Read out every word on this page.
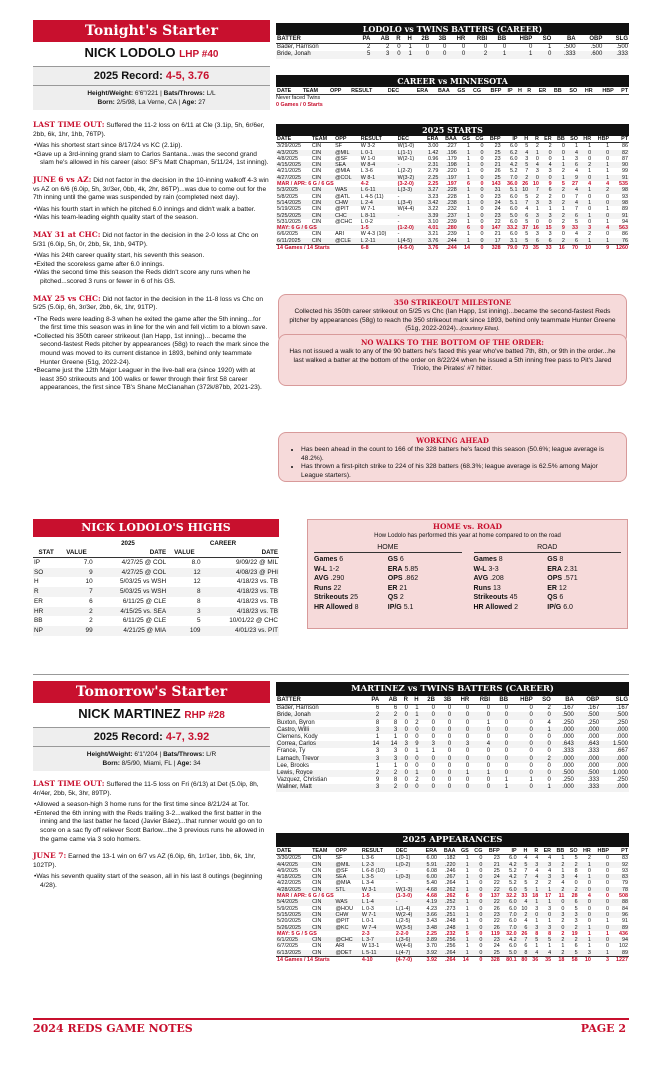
Tonight's Starter
NICK LODOLO LHP #40
2025 Record: 4-5, 3.76
Height/Weight: 6'6"/221 | Bats/Throws: L/L
Born: 2/5/98, La Verne, CA | Age: 27

LAST TIME OUT: Suffered the 11-2 loss on 6/11 at Cle (3.1ip, 5h, 6r/6er, 2bb, 6k, 1hr, 1hb, 76TP).

• Was his shortest start since 8/17/24 vs KC (2.1ip).
• Gave up a 3rd-inning grand slam to Carlos Santana...was the second grand slam he's allowed in his career (also: SF's Matt Chapman, 5/11/24, 1st inning).

JUNE 6 vs AZ: Did not factor in the decision in the 10-inning walkoff 4-3 win vs AZ on 6/6 (6.0ip, 5h, 3r/3er, 0bb, 4k, 2hr, 86TP)...was due to come out for the 7th inning until the game was suspended by rain (completed next day).

• Was his fourth start in which he pitched 6.0 innings and didn't walk a batter.
• Was his team-leading eighth quality start of the season.

MAY 31 at CHC: Did not factor in the decision in the 2-0 loss at Chc on 5/31 (6.0ip, 5h, 0r, 2bb, 5k, 1hb, 94TP).

• Was his 24th career quality start, his seventh this season.
• Exited the scoreless game after 6.0 innings.
• Was the second time this season the Reds didn't score any runs when he pitched...scored 3 runs or fewer in 6 of his GS.

MAY 25 vs CHC: Did not factor in the decision in the 11-8 loss vs Chc on 5/25 (5.0ip, 6h, 3r/3er, 2bb, 6k, 1hr, 91TP).

• The Reds were leading 8-3 when he exited the game after the 5th inning...for the first time this season was in line for the win and fell victim to a blown save.
• Collected his 350th career strikeout (Ian Happ, 1st inning)... became the second-fastest Reds pitcher by appearances (58g) to reach the mark since the mound was moved to its current distance in 1893, behind only teammate Hunter Greene (51g, 2022-24).
• Became just the 12th Major Leaguer in the live-ball era (since 1920) with at least 350 strikeouts and 100 walks or fewer through their first 58 career appearances, the first since TB's Shane McClanahan (372k/87bb, 2021-23).
LODOLO vs TWINS BATTERS (CAREER)
BATTER	PA	AB	R	H	2B	3B	HR	RBI	BB	HBP	SO	BA	OBP	SLG
Bader, Harrison	2	2	0	1	0	0	0	0	0	0	1	.500	.500	.500
Bride, Jonah	5	3	0	1	0	0	0	2	1	1	0	.333	.600	.333
CAREER vs MINNESOTA
DATE	TEAM	OPP	RESULT	DEC	ERA	BAA	GS	CG	BFP	IP	H	R	ER	BB	SO	HR	HBP	PT
Never faced Twins
0 Games / 0 Starts
2025 STARTS
DATE	TEAM	OPP	RESULT	DEC	ERA	BAA	GS	CG	BFP	IP	H	R	ER	BB	SO	HR	HBP	PT
3/29/2025	CIN	SF	W 3-2	W(1-0)	3.00	.227	1	0	23	6.0	5	2	2	0	1	1	1	86
4/3/2025	CIN	@MIL	L 0-1	L(1-1)	1.42	.196	1	0	25	6.2	4	1	0	0	4	0	0	82
4/8/2025	CIN	@SF	W 1-0	W(2-1)	0.96	.179	1	0	23	6.0	3	0	0	1	3	0	0	87
4/15/2025	CIN	SEA	W 8-4	-	2.31	.198	1	0	21	4.2	5	4	4	1	6	2	1	90
4/21/2025	CIN	@MIA	L 3-6	L(2-2)	2.79	.220	1	0	26	5.2	7	3	3	2	4	1	1	99
4/27/2025	CIN	@COL	W 8-1	W(3-2)	2.25	.197	1	0	25	7.0	2	0	0	1	9	0	1	91
MAR / APR: 6 G / 6 GS			4-2	(3-2-0)	2.25	.197	6	0	143	36.0	26	10	9	5	27	4	4	535
5/3/2025	CIN	WAS	L 6-11	L(3-3)	3.27	.228	1	0	31	5.1	10	7	6	2	4	1	2	98
5/8/2025	CIN	@ATL	L 4-5 (11)	-	3.23	.228	1	0	23	6.0	5	2	2	0	7	0	0	93
5/14/2025	CIN	CHW	L 2-4	L(3-4)	3.42	.238	1	0	24	5.1	7	3	3	2	4	1	0	98
5/19/2025	CIN	@PIT	W 7-1	W(4-4)	3.22	.232	1	0	24	6.0	4	1	1	1	7	0	1	89
5/25/2025	CIN	CHC	L 8-11	-	3.39	.237	1	0	23	5.0	6	3	3	2	6	1	0	91
5/31/2025	CIN	@CHC	L 0-2	-	3.10	.239	1	0	22	6.0	5	0	0	2	5	0	1	94
MAY: 6 G / 6 GS			1-5	(1-2-0)	4.01	.280	6	0	147	33.2	37	16	15	9	33	3	4	563
6/6/2025	CIN	ARI	W 4-3 (10)	-	3.21	.239	1	0	21	6.0	5	3	3	0	4	2	0	86
6/11/2025	CIN	@CLE	L 2-11	L(4-5)	3.76	.244	1	0	17	3.1	5	6	6	2	6	1	1	76
14 Games / 14 Starts			6-8	(4-5-0)	3.76	.244	14	0	328	79.0	73	35	33	16	70	10	9	1260
350 STRIKEOUT MILESTONE
Collected his 350th career strikeout on 5/25 vs Chc (Ian Happ, 1st inning)...became the second-fastest Reds pitcher by appearances (58g) to reach the 350 strikeout mark since 1893, behind only teammate Hunter Greene (51g, 2022-2024)...(courtesy Elias).
NO WALKS TO THE BOTTOM OF THE ORDER:
Has not issued a walk to any of the 90 batters he's faced this year who've batted 7th, 8th, or 9th in the order...he last walked a batter at the bottom of the order on 8/22/24 when he issued a 5th inning free pass to Pit's Jared Triolo, the Pirates' #7 hitter.
WORKING AHEAD
• Has been ahead in the count to 166 of the 328 batters he's faced this season (50.6%; league average is 48.2%).
• Has thrown a first-pitch strike to 224 of his 328 batters (68.3%; league average is 62.5% among Major League starters).
NICK LODOLO'S HIGHS
2025	CAREER
STAT	VALUE	DATE	VALUE	DATE
IP	7.0	4/27/25 @ COL	8.0	9/09/22 @ MIL
SO	9	4/27/25 @ COL	12	4/08/23 @ PHI
H	10	5/03/25 vs WSH	12	4/18/23 vs. TB
R	7	5/03/25 vs WSH	8	4/18/23 vs. TB
ER	6	6/11/25 @ CLE	8	4/18/23 vs. TB
HR	2	4/15/25 vs. SEA	3	4/18/23 vs. TB
BB	2	6/11/25 @ CLE	5	10/01/22 @ CHC
NP	99	4/21/25 @ MIA	109	4/01/23 vs. PIT
HOME vs. ROAD
How Lodolo has performed this year at home compared to on the road
HOME
Games 6	GS 6
W-L 1-2	ERA 5.85
AVG .290	OPS .862
Runs 22	ER 21
Strikeouts 25	QS 2
HR Allowed 8	IP/G 5.1
ROAD
Games 8	GS 8
W-L 3-3	ERA 2.31
AVG .208	OPS .571
Runs 13	ER 12
Strikeouts 45	QS 6
HR Allowed 2	IP/G 6.0
Tomorrow's Starter
NICK MARTINEZ RHP #28
2025 Record: 4-7, 3.92
Height/Weight: 6'1"/204 | Bats/Throws: L/R
Born: 8/5/90, Miami, FL | Age: 34

LAST TIME OUT: Suffered the 11-5 loss on Fri (6/13) at Det (5.0ip, 8h, 4r/4er, 2bb, 5k, 3hr, 89TP).

• Allowed a season-high 3 home runs for the first time since 8/21/24 at Tor.
• Entered the 6th inning with the Reds trailing 3-2...walked the first batter in the inning and the last batter he faced (Javier Báez)...that runner would go on to score on a sac fly off reliever Scott Barlow...the 3 previous runs he allowed in the game came via 3 solo homers.

JUNE 7: Earned the 13-1 win on 6/7 vs AZ (6.0ip, 6h, 1r/1er, 1bb, 6k, 1hr, 102TP).

• Was his seventh quality start of the season, all in his last 8 outings (beginning 4/28).
MARTINEZ vs TWINS BATTERS (CAREER)
BATTER	PA	AB	R	H	2B	3B	HR	RBI	BB	HBP	SO	BA	OBP	SLG
Bader, Harrison	6	6	0	1	0	0	0	0	0	0	2	.167	.167	.167
Bride, Jonah	2	2	0	1	0	0	0	0	0	0	0	.500	.500	.500
Buxton, Byron	8	8	0	2	0	0	0	1	0	0	4	.250	.250	.250
Castro, Willi	3	3	0	0	0	0	0	0	0	0	1	.000	.000	.000
Clemens, Kody	1	1	0	0	0	0	0	0	0	0	0	.000	.000	.000
Correa, Carlos	14	14	3	9	3	0	3	4	0	0	0	.643	.643	1.500
France, Ty	3	3	0	1	1	0	0	0	0	0	0	.333	.333	.667
Larnach, Trevor	3	3	0	0	0	0	0	0	0	0	2	.000	.000	.000
Lee, Brooks	1	1	0	0	0	0	0	0	0	0	0	.000	.000	.000
Lewis, Royce	2	2	0	1	0	0	1	1	0	0	0	.500	.500	1.000
Vazquez, Christian	9	8	0	2	0	0	0	0	1	1	0	.250	.333	.250
Wallner, Matt	3	2	0	0	0	0	0	0	1	0	1	.000	.333	.000
2025 APPEARANCES
DATE	TEAM	OPP	RESULT	DEC	ERA	BAA	GS	CG	BFP	IP	H	R	ER	BB	SO	HR	HBP	PT
3/30/2025	CIN	SF	L 3-6	L(0-1)	6.00	.182	1	0	23	6.0	4	4	4	1	5	2	0	83
4/4/2025	CIN	@MIL	L 2-3	L(0-2)	5.91	.220	1	0	21	4.2	5	3	3	2	2	1	0	92
4/9/2025	CIN	@SF	L 6-8 (10)	-	6.08	.246	1	0	25	5.2	7	4	4	1	8	0	0	93
4/18/2025	CIN	SEA	L 3-5	L(0-3)	6.00	.267	1	0	24	4.2	7	4	3	3	4	1	0	83
4/22/2025	CIN	@MIA	L 3-4	-	5.40	.264	1	0	22	5.2	5	2	2	4	0	0	0	79
4/28/2025	CIN	STL	W 3-1	W(1-3)	4.68	.262	1	0	22	6.0	5	1	1	2	2	0	0	78
MAR / APR: 6 G / 6 GS			1-5	(1-3-0)	4.68	.262	6	0	137	32.2	33	18	17	11	28	4	0	508
5/4/2025	CIN	WAS	L 1-4	-	4.19	.252	1	0	22	6.0	4	1	1	0	6	0	0	88
5/9/2025	CIN	@HOU	L 0-3	L(1-4)	4.23	.273	1	0	26	6.0	10	3	3	0	5	0	0	84
5/15/2025	CIN	CHW	W 7-1	W(2-4)	3.66	.251	1	0	23	7.0	2	0	0	3	3	0	0	96
5/20/2025	CIN	@PIT	L 0-1	L(2-5)	3.43	.248	1	0	22	6.0	4	1	1	2	3	0	1	91
5/26/2025	CIN	@KC	W 7-4	W(3-5)	3.48	.248	1	0	26	7.0	6	3	3	0	2	1	0	89
MAY: 5 G / 5 GS			2-3	2-2-0	2.25	.232	5	0	119	32.0	26	8	8	2	19	1	1	436
6/1/2025	CIN	@CHC	L 3-7	L(3-6)	3.89	.256	1	0	23	4.2	7	5	5	2	2	1	0	94
6/7/2025	CIN	ARI	W 13-1	W(4-6)	3.70	.256	1	0	24	6.0	6	1	1	1	6	1	0	102
6/13/2025	CIN	@DET	L 5-11	L(4-7)	3.92	.264	1	0	25	5.0	8	4	4	2	5	3	1	89
14 Games / 14 Starts			4-10	(4-7-0)	3.92	.264	14	0	328	80.1	80	36	35	18	58	10	3	1227
2024 REDS GAME NOTES	PAGE 2
